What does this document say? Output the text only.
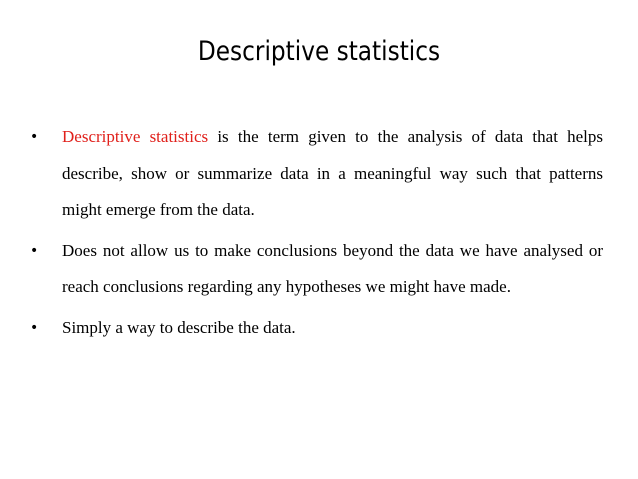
Descriptive statistics
•	Descriptive statistics is the term given to the analysis of data that helps describe, show or summarize data in a meaningful way such that patterns might emerge from the data.
•	Does not allow us to make conclusions beyond the data we have analysed or reach conclusions regarding any hypotheses we might have made.
•	Simply a way to describe the data.
